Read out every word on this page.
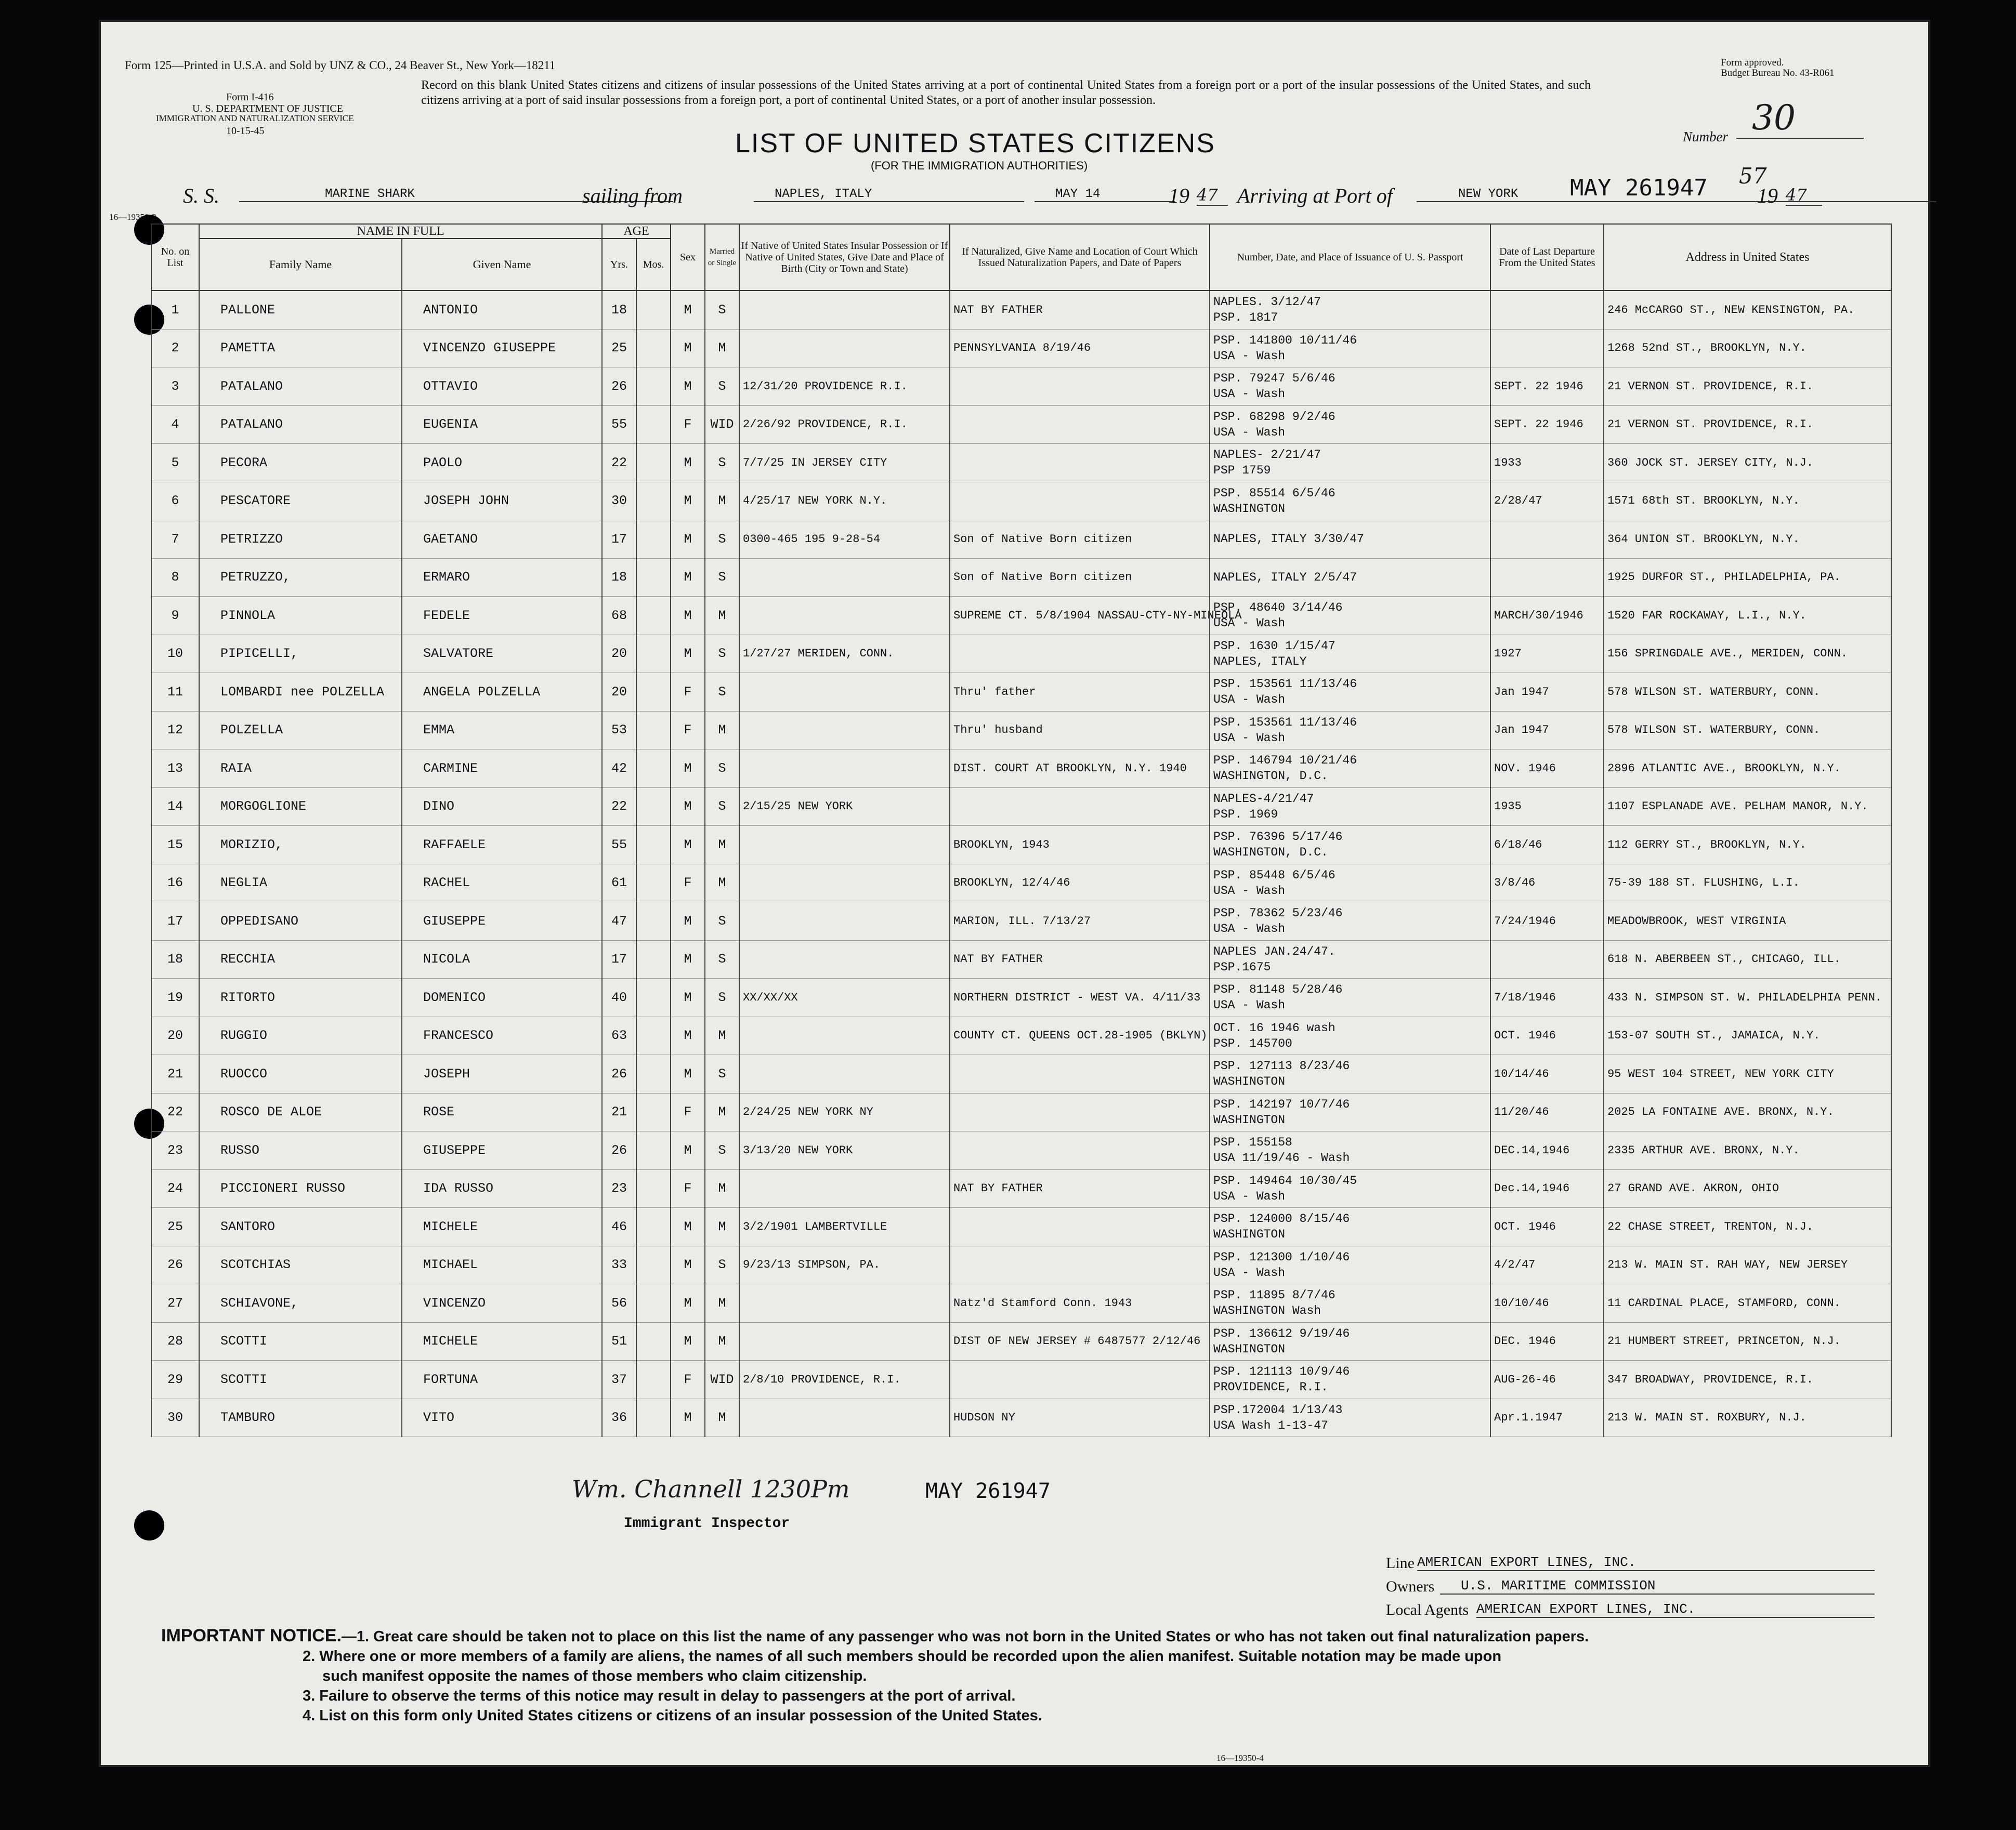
Form 125—Printed in U.S.A. and Sold by UNZ & CO., 24 Beaver St., New York—18211
Form I-416
U. S. DEPARTMENT OF JUSTICE
IMMIGRATION AND NATURALIZATION SERVICE
10-15-45
Form approved.
Budget Bureau No. 43-R061
Record on this blank United States citizens and citizens of insular possessions of the United States arriving at a port of continental United States from a foreign port or a port of the insular possessions of the United States, and such citizens arriving at a port of said insular possessions from a foreign port, a port of continental United States, or a port of another insular possession.
LIST OF UNITED STATES CITIZENS
(FOR THE IMMIGRATION AUTHORITIES)
Number 30
S. S.	MARINE SHARK	sailing from	NAPLES, ITALY	MAY 14	19 47 Arriving at Port of	NEW YORK	MAY 261947 57
19 47
16—19350-2
No. on List	NAME IN FULL		AGE		Sex	Married or Single	If Native of United States Insular Possession or If Native of United States, Give Date and Place of Birth (City or Town and State)	If Naturalized, Give Name and Location of Court Which Issued Naturalization Papers, and Date of Papers	Number, Date, and Place of Issuance of U. S. Passport	Date of Last Departure From the United States	Address in United States
	Family Name	Given Name	Yrs.	Mos.							
1	PALLONE	ANTONIO	18		M	S		NAT BY FATHER	NAPLES. 3/12/47
PSP. 1817		246 McCARGO ST., NEW KENSINGTON, PA.
2	PAMETTA	VINCENZO GIUSEPPE	25		M	M		PENNSYLVANIA 8/19/46	PSP. 141800 10/11/46
USA - Wash		1268 52nd ST., BROOKLYN, N.Y.
3	PATALANO	OTTAVIO	26		M	S	12/31/20 PROVIDENCE R.I.		PSP. 79247 5/6/46
USA - Wash	SEPT. 22 1946	21 VERNON ST. PROVIDENCE, R.I.
4	PATALANO	EUGENIA	55		F	WID	2/26/92 PROVIDENCE, R.I.		PSP. 68298 9/2/46
USA - Wash	SEPT. 22 1946	21 VERNON ST. PROVIDENCE, R.I.
5	PECORA	PAOLO	22		M	S	7/7/25 IN JERSEY CITY		NAPLES- 2/21/47
PSP 1759	1933	360 JOCK ST. JERSEY CITY, N.J.
6	PESCATORE	JOSEPH JOHN	30		M	M	4/25/17 NEW YORK N.Y.		PSP. 85514 6/5/46
WASHINGTON	2/28/47	1571 68th ST. BROOKLYN, N.Y.
7	PETRIZZO	GAETANO	17		M	S	0300-465 195 9-28-54	Son of Native Born citizen	NAPLES, ITALY 3/30/47		364 UNION ST. BROOKLYN, N.Y.
8	PETRUZZO,	ERMARO	18		M	S		Son of Native Born citizen	NAPLES, ITALY 2/5/47		1925 DURFOR ST., PHILADELPHIA, PA.
9	PINNOLA	FEDELE	68		M	M		SUPREME CT. 5/8/1904 NASSAU-CTY-NY-MINEOLA	PSP. 48640 3/14/46
USA - Wash	MARCH/30/1946	1520 FAR ROCKAWAY, L.I., N.Y.
10	PIPICELLI,	SALVATORE	20		M	S	1/27/27 MERIDEN, CONN.		PSP. 1630 1/15/47
NAPLES, ITALY	1927	156 SPRINGDALE AVE., MERIDEN, CONN.
11	LOMBARDI nee POLZELLA	ANGELA POLZELLA	20		F	S		Thru' father	PSP. 153561 11/13/46
USA - Wash	Jan 1947	578 WILSON ST. WATERBURY, CONN.
12	POLZELLA	EMMA	53		F	M		Thru' husband	PSP. 153561 11/13/46
USA - Wash	Jan 1947	578 WILSON ST. WATERBURY, CONN.
13	RAIA	CARMINE	42		M	S		DIST. COURT AT BROOKLYN, N.Y. 1940	PSP. 146794 10/21/46
WASHINGTON, D.C.	NOV. 1946	2896 ATLANTIC AVE., BROOKLYN, N.Y.
14	MORGOGLIONE	DINO	22		M	S	2/15/25 NEW YORK		NAPLES-4/21/47
PSP. 1969	1935	1107 ESPLANADE AVE. PELHAM MANOR, N.Y.
15	MORIZIO,	RAFFAELE	55		M	M		BROOKLYN, 1943	PSP. 76396 5/17/46
WASHINGTON, D.C.	6/18/46	112 GERRY ST., BROOKLYN, N.Y.
16	NEGLIA	RACHEL	61		F	M		BROOKLYN, 12/4/46	PSP. 85448 6/5/46
USA - Wash	3/8/46	75-39 188 ST. FLUSHING, L.I.
17	OPPEDISANO	GIUSEPPE	47		M	S		MARION, ILL. 7/13/27	PSP. 78362 5/23/46
USA - Wash	7/24/1946	MEADOWBROOK, WEST VIRGINIA
18	RECCHIA	NICOLA	17		M	S		NAT BY FATHER	NAPLES JAN.24/47.
PSP.1675		618 N. ABERBEEN ST., CHICAGO, ILL.
19	RITORTO	DOMENICO	40		M	S	XX/XX/XX	NORTHERN DISTRICT - WEST VA. 4/11/33	PSP. 81148 5/28/46
USA - Wash	7/18/1946	433 N. SIMPSON ST. W. PHILADELPHIA PENN.
20	RUGGIO	FRANCESCO	63		M	M		COUNTY CT. QUEENS OCT.28-1905 (BKLYN)	OCT. 16 1946 wash
PSP. 145700	OCT. 1946	153-07 SOUTH ST., JAMAICA, N.Y.
21	RUOCCO	JOSEPH	26		M	S			PSP. 127113 8/23/46
WASHINGTON	10/14/46	95 WEST 104 STREET, NEW YORK CITY
22	ROSCO DE ALOE	ROSE	21		F	M	2/24/25 NEW YORK NY		PSP. 142197 10/7/46
WASHINGTON	11/20/46	2025 LA FONTAINE AVE. BRONX, N.Y.
23	RUSSO	GIUSEPPE	26		M	S	3/13/20 NEW YORK		PSP. 155158
USA 11/19/46 - Wash	DEC.14,1946	2335 ARTHUR AVE. BRONX, N.Y.
24	PICCIONERI RUSSO	IDA RUSSO	23		F	M		NAT BY FATHER	PSP. 149464 10/30/45
USA - Wash	Dec.14,1946	27 GRAND AVE. AKRON, OHIO
25	SANTORO	MICHELE	46		M	M	3/2/1901 LAMBERTVILLE		PSP. 124000 8/15/46
WASHINGTON	OCT. 1946	22 CHASE STREET, TRENTON, N.J.
26	SCOTCHIAS	MICHAEL	33		M	S	9/23/13 SIMPSON, PA.		PSP. 121300 1/10/46
USA - Wash	4/2/47	213 W. MAIN ST. RAH WAY, NEW JERSEY
27	SCHIAVONE,	VINCENZO	56		M	M		Natz'd Stamford Conn. 1943	PSP. 11895 8/7/46
WASHINGTON Wash	10/10/46	11 CARDINAL PLACE, STAMFORD, CONN.
28	SCOTTI	MICHELE	51		M	M		DIST OF NEW JERSEY # 6487577 2/12/46	PSP. 136612 9/19/46
WASHINGTON	DEC. 1946	21 HUMBERT STREET, PRINCETON, N.J.
29	SCOTTI	FORTUNA	37		F	WID	2/8/10 PROVIDENCE, R.I.		PSP. 121113 10/9/46
PROVIDENCE, R.I.	AUG-26-46	347 BROADWAY, PROVIDENCE, R.I.
30	TAMBURO	VITO	36		M	M		HUDSON NY	PSP.172004 1/13/43
USA Wash 1-13-47	Apr.1.1947	213 W. MAIN ST. ROXBURY, N.J.
Wm. Channell 1230Pm	MAY 261947
Immigrant Inspector
Line AMERICAN EXPORT LINES, INC.
Owners	U.S. MARITIME COMMISSION
Local Agents AMERICAN EXPORT LINES, INC.
IMPORTANT NOTICE.—1. Great care should be taken not to place on this list the name of any passenger who was not born in the United States or who has not taken out final naturalization papers.
2. Where one or more members of a family are aliens, the names of all such members should be recorded upon the alien manifest. Suitable notation may be made upon
such manifest opposite the names of those members who claim citizenship.
3. Failure to observe the terms of this notice may result in delay to passengers at the port of arrival.
4. List on this form only United States citizens or citizens of an insular possession of the United States.
16—19350-4
